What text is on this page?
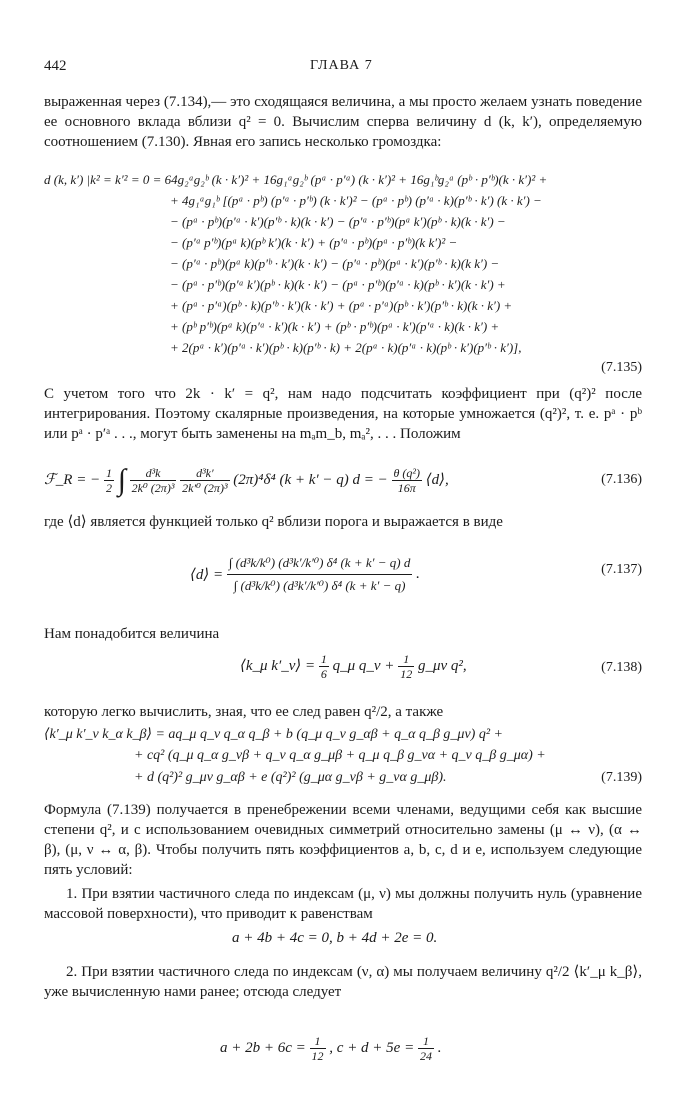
442	ГЛАВА 7
выраженная через (7.134),— это сходящаяся величина, а мы просто желаем узнать поведение ее основного вклада вблизи q² = 0. Вычислим сперва величину d (k, k′), определяемую соотношением (7.130). Явная его запись несколько громоздка:
d (k, k′) |k² = k′² = 0 = 64g₂ᵃg₂ᵇ (k · k′)² + 16g₁ᵃg₂ᵇ (pᵃ · p′ᵃ) (k · k′)² + 16g₁ᵇg₂ᵃ (pᵇ · p′ᵇ)(k · k′)² +
+ 4g₁ᵃg₁ᵇ [(pᵃ · pᵇ) (p′ᵃ · p′ᵇ) (k · k′)² − (pᵃ · pᵇ) (p′ᵃ · k)(p′ᵇ · k′) (k · k′) −
− (pᵃ · pᵇ)(p′ᵃ · k′)(p′ᵇ · k)(k · k′) − (p′ᵃ · p′ᵇ)(pᵃ k′)(pᵇ · k)(k · k′) −
− (p′ᵃ p′ᵇ)(pᵃ k)(pᵇ k′)(k · k′) + (p′ᵃ · pᵇ)(pᵃ · p′ᵇ)(k k′)² −
− (p′ᵃ · pᵇ)(pᵃ k)(p′ᵇ · k′)(k · k′) − (p′ᵃ · pᵇ)(pᵃ · k′)(p′ᵇ · k)(k k′) −
− (pᵃ · p′ᵇ)(p′ᵃ k′)(pᵇ · k)(k · k′) − (pᵃ · p′ᵇ)(p′ᵃ · k)(pᵇ · k′)(k · k′) +
+ (pᵃ · p′ᵃ)(pᵇ · k)(p′ᵇ · k′)(k · k′) + (pᵃ · p′ᵃ)(pᵇ · k′)(p′ᵇ · k)(k · k′) +
+ (pᵇ p′ᵇ)(pᵃ k)(p′ᵃ · k′)(k · k′) + (pᵇ · p′ᵇ)(pᵃ · k′)(p′ᵃ · k)(k · k′) +
+ 2(pᵃ · k′)(p′ᵃ · k′)(pᵇ · k)(p′ᵇ · k) + 2(pᵃ · k)(p′ᵃ · k)(pᵇ · k′)(p′ᵇ · k′)],
(7.135)
С учетом того что 2k · k′ = q², нам надо подсчитать коэффициент при (q²)² после интегрирования. Поэтому скалярные произведения, на которые умножается (q²)², т. е. pᵃ · pᵇ или pᵃ · p′ᵃ . . ., могут быть заменены на mₐm_b, mₐ², . . . Положим
ℱ_R = − $\frac{1}{2}$ ∫ $\frac{\text{d³k}}{\text{2k⁰ (2π)³}}$
$\frac{\text{d³k′}}{\text{2k′⁰ (2π)³}} (2\pi)^4\delta^4$ (k + k′ − q) d = − $\frac{\text{θ (q²)}}{16\pi}$ ⟨d⟩,	(7.136)
где ⟨d⟩ является функцией только q² вблизи порога и выражается в виде
⟨d⟩ = $\frac{\text{∫ (d³k/k⁰) (d³k′/k′⁰) δ⁴ (k + k′ − q) d}}{\text{∫ (d³k/k⁰) (d³k′/k′⁰) δ⁴ (k + k′ − q)}}$ .	(7.137)
Нам понадобится величина
⟨k_μ k′_ν⟩ = $\frac{1}{6}$ q_μ q_ν + $\frac{1}{12}$ g_μν q²,	(7.138)
которую легко вычислить, зная, что ее след равен q²/2, а также
⟨k′_μ k′_ν k_α k_β⟩ = aq_μ q_ν q_α q_β + b (q_μ q_ν g_αβ + q_α q_β g_μν) q² +
+ cq² (q_μ q_α g_νβ + q_ν q_α g_μβ + q_μ q_β g_να + q_ν q_β g_μα) +
+ d (q²)² g_μν g_αβ + e (q²)² (g_μα g_νβ + g_να g_μβ).	(7.139)
Формула (7.139) получается в пренебрежении всеми членами, ведущими себя как высшие степени q², и с использованием очевидных симметрий относительно замены (μ ↔ ν), (α ↔ β), (μ, ν ↔ α, β). Чтобы получить пять коэффициентов a, b, c, d и e, используем следующие пять условий:
1. При взятии частичного следа по индексам (μ, ν) мы должны получить нуль (уравнение массовой поверхности), что приводит к равенствам
a + 4b + 4c = 0, b + 4d + 2e = 0.
2. При взятии частичного следа по индексам (ν, α) мы получаем величину q²/2 ⟨k′_μ k_β⟩, уже вычисленную нами ранее; отсюда следует
$a + 2b + 6c = \frac{1}{12}$ , $c + d + 5e = \frac{1}{24}$ .
